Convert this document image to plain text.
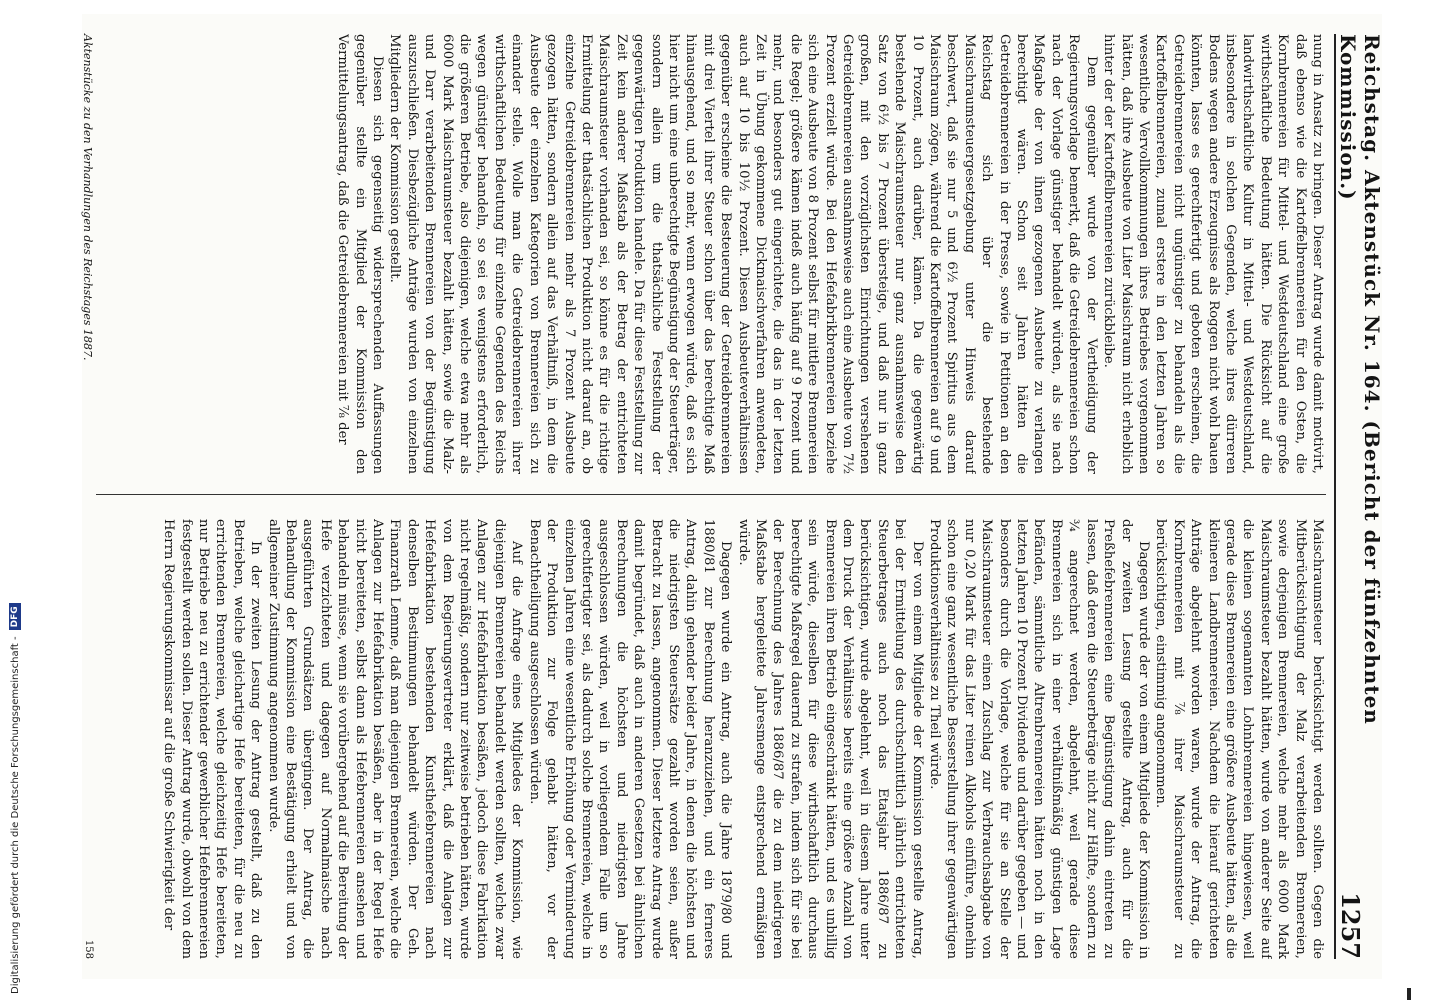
Reichstag. Aktenstück Nr. 164. (Bericht der fünfzehnten Kommission.)
1257

nung in Ansatz zu bringen. Dieser Antrag wurde damit motivirt, daß ebenso wie die Kartoffelbrennereien für den Osten, die Kornbrennereien für Mittel- und Westdeutschland eine große wirthschaftliche Bedeutung hätten. Die Rücksicht auf die landwirthschaftliche Kultur in Mittel- und Westdeutschland, insbesondere in solchen Gegenden, welche ihres dürreren Bodens wegen andere Erzeugnisse als Roggen nicht wohl bauen könnten, lasse es gerechtfertigt und geboten erscheinen, die Getreidebrennereien nicht ungünstiger zu behandeln als die Kartoffelbrennereien, zumal erstere in den letzten Jahren so wesentliche Vervollkommnungen ihres Betriebes vorgenommen hätten, daß ihre Ausbeute von Liter Maischraum nicht erheblich hinter der der Kartoffelbrennereien zurückbleibe.

Dem gegenüber wurde von der Vertheidigung der Regierungsvorlage bemerkt, daß die Getreidebrennereien schon nach der Vorlage günstiger behandelt würden, als sie nach Maßgabe der von ihnen gezogenen Ausbeute zu verlangen berechtigt wären. Schon seit Jahren hätten die Getreidebrennereien in der Presse, sowie in Petitionen an den Reichstag sich über die bestehende Maischraumsteuergesetzgebung unter Hinweis darauf beschwert, daß sie nur 5 und 6½ Prozent Spiritus aus dem Maischraum zögen, während die Kartoffelbrennereien auf 9 und 10 Prozent, auch darüber, kämen. Da die gegenwärtig bestehende Maischraumsteuer nur ganz ausnahmsweise den Satz von 6½ bis 7 Prozent übersteige, und daß nur in ganz großen, mit den vorzüglichsten Einrichtungen versehenen Getreidebrennereien ausnahmsweise auch eine Ausbeute von 7½ Prozent erzielt würde. Bei den Hefefabrikbrennereien beziehe sich eine Ausbeute von 8 Prozent selbst für mittlere Brennereien die Regel; größere kämen indeß auch häufig auf 9 Prozent und mehr, und besonders gut eingerichtete, die das in der letzten Zeit in Übung gekommene Dickmaischverfahren anwendeten, auch auf 10 bis 10½ Prozent. Diesen Ausbeuteverhältnissen gegenüber erscheine die Besteuerung der Getreidebrennereien mit drei Viertel ihrer Steuer schon über das berechtigte Maß hinausgehend, und so mehr, wenn erwogen würde, daß es sich hier nicht um eine unberechtigte Begünstigung der Steuerträger, sondern allein um die thatsächliche Feststellung der gegenwärtigen Produktion handele. Da für diese Feststellung zur Zeit kein anderer Maßstab als der Betrag der entrichteten Maischraumsteuer vorhanden sei, so könne es für die richtige Ermittelung der thatsächlichen Produktion nicht darauf an, ob einzelne Getreidebrennereien mehr als 7 Prozent Ausbeute gezogen hätten, sondern allein auf das Verhältniß, in dem die Ausbeute der einzelnen Kategorien von Brennereien sich zu einander stelle. Wolle man die Getreidebrennereien ihrer wirthschaftlichen Bedeutung für einzelne Gegenden des Reichs wegen günstiger behandeln, so sei es wenigstens erforderlich, die größeren Betriebe, also diejenigen, welche etwa mehr als 6000 Mark Maischraumsteuer bezahlt hätten, sowie die Malz- und Darr verarbeitenden Brennereien von der Begünstigung auszuschließen. Diesbezügliche Anträge wurden von einzelnen Mitgliedern der Kommission gestellt.

Diesen sich gegenseitig widersprechenden Auffassungen gegenüber stellte ein Mitglied der Kommission den Vermittelungsantrag, daß die Getreidebrennereien mit ⅞ der

Maischraumsteuer berücksichtigt werden sollten. Gegen die Mitberücksichtigung der Malz verarbeitenden Brennereien, sowie derjenigen Brennereien, welche mehr als 6000 Mark Maischraumsteuer bezahlt hätten, wurde von anderer Seite auf die kleinen sogenannten Lohnbrennereien hingewiesen, weil gerade diese Brennereien eine größere Ausbeute hätten, als die kleineren Landbrennereien. Nachdem die hierauf gerichteten Anträge abgelehnt worden waren, wurde der Antrag, die Kornbrennereien mit ⅞ ihrer Maischraumsteuer zu berücksichtigen, einstimmig angenommen.

Dagegen wurde der von einem Mitgliede der Kommission in der zweiten Lesung gestellte Antrag, auch für die Preßhefebrennereien eine Begünstigung dahin eintreten zu lassen, daß deren die Steuerbeträge nicht zur Hälfte, sondern zu ¾ angerechnet werden, abgelehnt, weil gerade diese Brennereien sich in einer verhältnißmäßig günstigen Lage befänden, sämmtliche Altrenbrennereien hätten noch in den letzten Jahren 10 Prozent Dividende und darüber gegeben — und besonders durch die Vorlage, welche für sie an Stelle der Maischraumsteuer einen Zuschlag zur Verbrauchsabgabe von nur 0,20 Mark für das Liter reinen Alkohols einführe, ohnehin schon eine ganz wesentliche Besserstellung ihrer gegenwärtigen Produktionsverhältnisse zu Theil würde.

Der von einem Mitgliede der Kommission gestellte Antrag, bei der Ermittelung des durchschnittlich jährlich entrichteten Steuerbetrages auch noch das Etatsjahr 1886/87 zu berücksichtigen, wurde abgelehnt, weil in diesem Jahre unter dem Druck der Verhältnisse bereits eine größere Anzahl von Brennereien ihren Betrieb eingeschränkt hätten, und es unbillig sein würde, dieselben für diese wirthschaftlich durchaus berechtigte Maßregel dauernd zu strafen, indem sich für sie bei der Berechnung des Jahres 1886/87 die zu dem niedrigeren Maßstabe hergeleitete Jahresmenge entsprechend ermäßigen würde.

Dagegen wurde ein Antrag, auch die Jahre 1879/80 und 1880/81 zur Berechnung heranzuziehen, und ein ferneres Antrag, dahin gehender beider Jahre, in denen die höchsten und die niedrigsten Steuersätze gezahlt worden seien, außer Betracht zu lassen, angenommen. Dieser letztere Antrag wurde damit begründet, daß auch in anderen Gesetzen bei ähnlichen Berechnungen die höchsten und niedrigsten Jahre ausgeschlossen würden, weil in vorliegendem Falle um so gerechtfertigter sei, als dadurch solche Brennereien, welche in einzelnen Jahren eine wesentliche Erhöhung oder Verminderung der Produktion zur Folge gehabt hätten, vor der Benachtheiligung ausgeschlossen würden.

Auf die Anfrage eines Mitgliedes der Kommission, wie diejenigen Brennereien behandelt werden sollten, welche zwar Anlagen zur Hefefabrikation besäßen, jedoch diese Fabrikation nicht regelmäßig, sondern nur zeitweise betrieben hätten, wurde von dem Regierungsvertreter erklärt, daß die Anlagen zur Hefefabrikation bestehenden Kunsthefebrennereien nach denselben Bestimmungen behandelt würden. Der Geh. Finanzrath Lemme, daß man diejenigen Brennereien, welche die Anlagen zur Hefefabrikation besäßen, aber in der Regel Hefe nicht bereiteten, selbst dann als Hefebrennereien ansehen und behandeln müsse, wenn sie vorübergehend auf die Bereitung der Hefe verzichteten und dagegen auf Normalmaische nach ausgeführten Grundsätzen übergingen. Der Antrag, die Behandlung der Kommission eine Bestätigung erhielt und von allgemeiner Zustimmung angenommen wurde.

In der zweiten Lesung der Antrag gestellt, daß zu den Betrieben, welche gleichartige Hefe bereiteten, für die neu zu errichtenden Brennereien, welche gleichzeitig Hefe bereiteten, nur Betriebe neu zu errichtender gewerblicher Hefebrennereien festgestellt werden sollen. Dieser Antrag wurde, obwohl von dem Herrn Regierungskommissar auf die große Schwierigkeit der

Aktenstücke zu den Verhandlungen des Reichstages 1887.
158
Digitalisierung gefördert durch die Deutsche Forschungsgemeinschaft -
DFG
